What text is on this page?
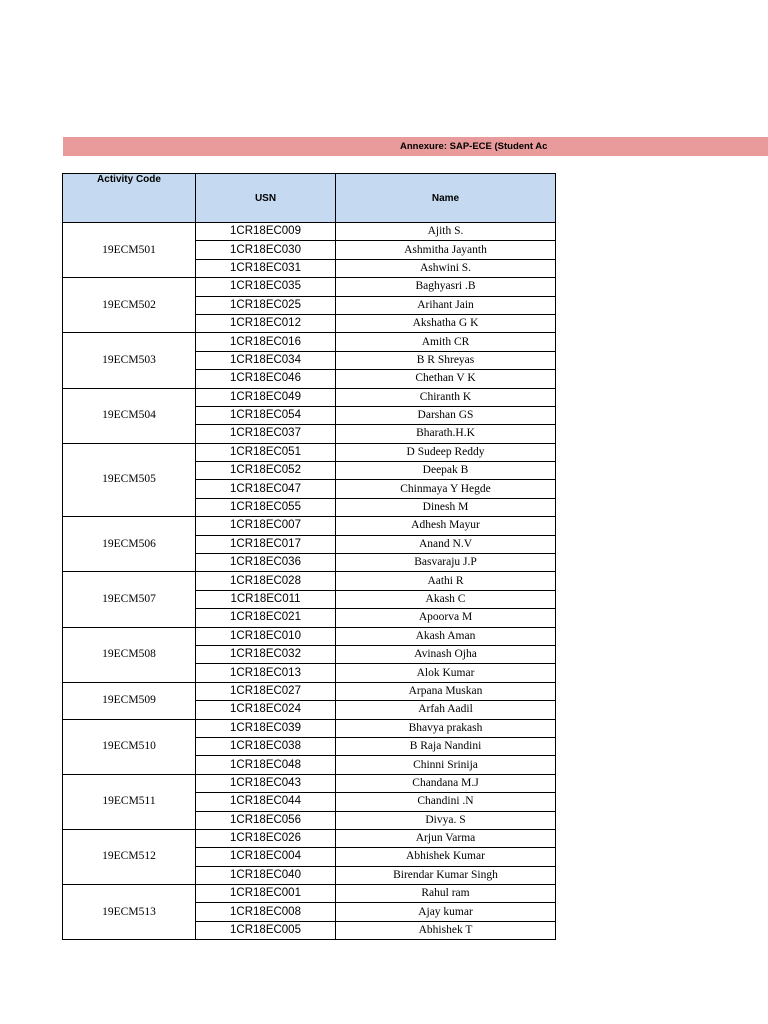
Annexure: SAP-ECE (Student Ac
Activity Code	USN	Name
19ECM501	1CR18EC009	Ajith S.
	1CR18EC030	Ashmitha Jayanth
	1CR18EC031	Ashwini S.
19ECM502	1CR18EC035	Baghyasri .B
	1CR18EC025	Arihant Jain
	1CR18EC012	Akshatha G K
19ECM503	1CR18EC016	Amith CR
	1CR18EC034	B R Shreyas
	1CR18EC046	Chethan V K
19ECM504	1CR18EC049	Chiranth K
	1CR18EC054	Darshan GS
	1CR18EC037	Bharath.H.K
19ECM505	1CR18EC051	D Sudeep Reddy
	1CR18EC052	Deepak B
	1CR18EC047	Chinmaya Y Hegde
	1CR18EC055	Dinesh M
19ECM506	1CR18EC007	Adhesh Mayur
	1CR18EC017	Anand N.V
	1CR18EC036	Basvaraju J.P
19ECM507	1CR18EC028	Aathi R
	1CR18EC011	Akash C
	1CR18EC021	Apoorva M
19ECM508	1CR18EC010	Akash Aman
	1CR18EC032	Avinash Ojha
	1CR18EC013	Alok Kumar
19ECM509	1CR18EC027	Arpana Muskan
	1CR18EC024	Arfah Aadil
19ECM510	1CR18EC039	Bhavya prakash
	1CR18EC038	B Raja Nandini
	1CR18EC048	Chinni Srinija
19ECM511	1CR18EC043	Chandana M.J
	1CR18EC044	Chandini .N
	1CR18EC056	Divya. S
19ECM512	1CR18EC026	Arjun Varma
	1CR18EC004	Abhishek Kumar
	1CR18EC040	Birendar Kumar Singh
19ECM513	1CR18EC001	Rahul ram
	1CR18EC008	Ajay kumar
	1CR18EC005	Abhishek T
